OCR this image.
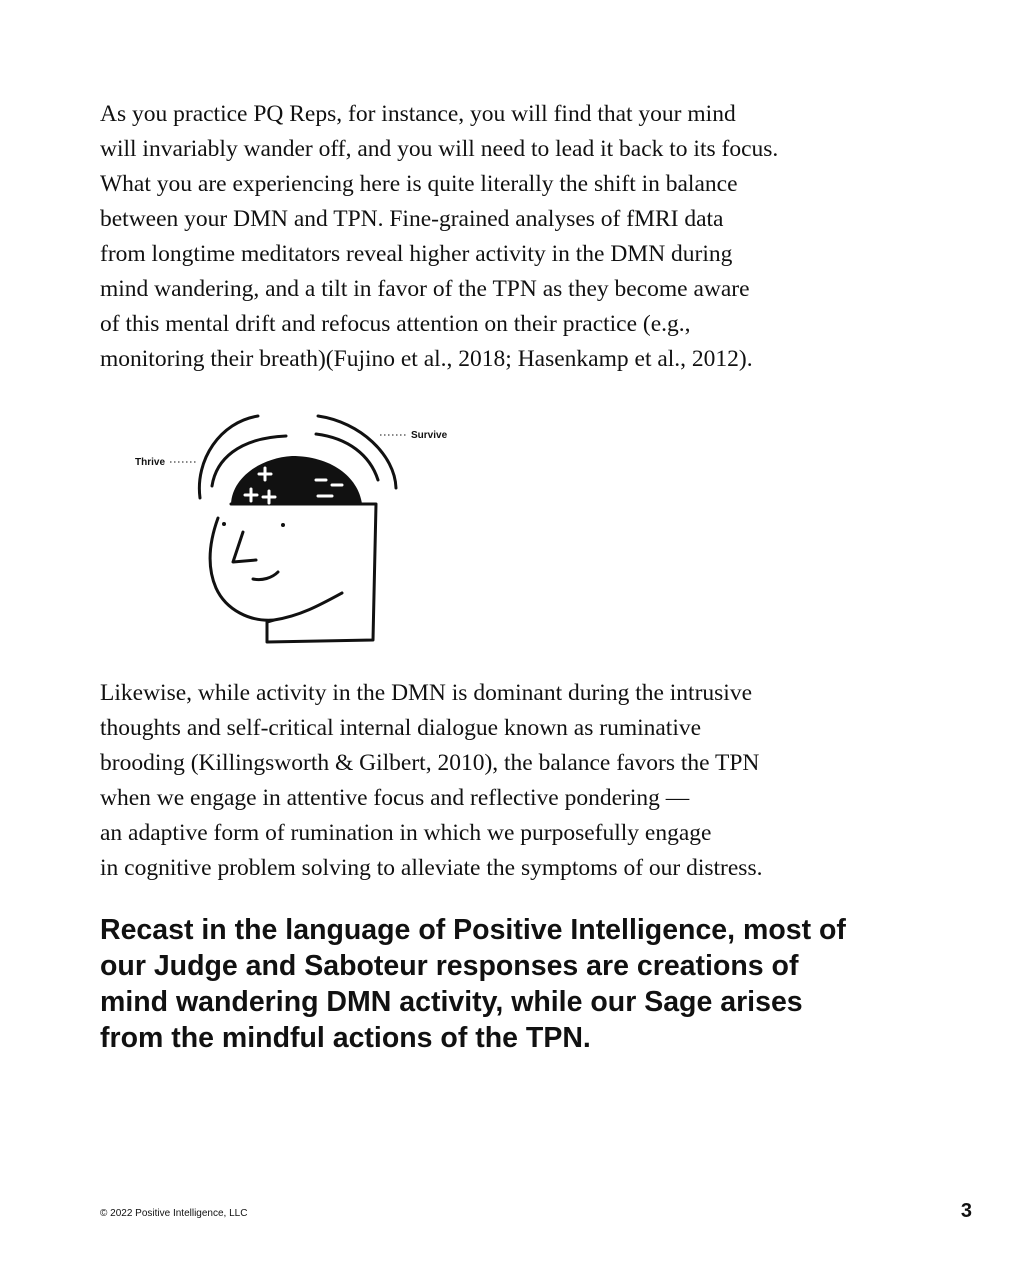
As you practice PQ Reps, for instance, you will find that your mind
will invariably wander off, and you will need to lead it back to its focus.
What you are experiencing here is quite literally the shift in balance
between your DMN and TPN. Fine-grained analyses of fMRI data
from longtime meditators reveal higher activity in the DMN during
mind wandering, and a tilt in favor of the TPN as they become aware
of this mental drift and refocus attention on their practice (e.g.,
monitoring their breath)(Fujino et al., 2018; Hasenkamp et al., 2012).
Thrive
Survive
Likewise, while activity in the DMN is dominant during the intrusive
thoughts and self-critical internal dialogue known as ruminative
brooding (Killingsworth & Gilbert, 2010), the balance favors the TPN
when we engage in attentive focus and reflective pondering —
an adaptive form of rumination in which we purposefully engage
in cognitive problem solving to alleviate the symptoms of our distress.
Recast in the language of Positive Intelligence, most of
our Judge and Saboteur responses are creations of
mind wandering DMN activity, while our Sage arises
from the mindful actions of the TPN.
© 2022 Positive Intelligence, LLC	3
